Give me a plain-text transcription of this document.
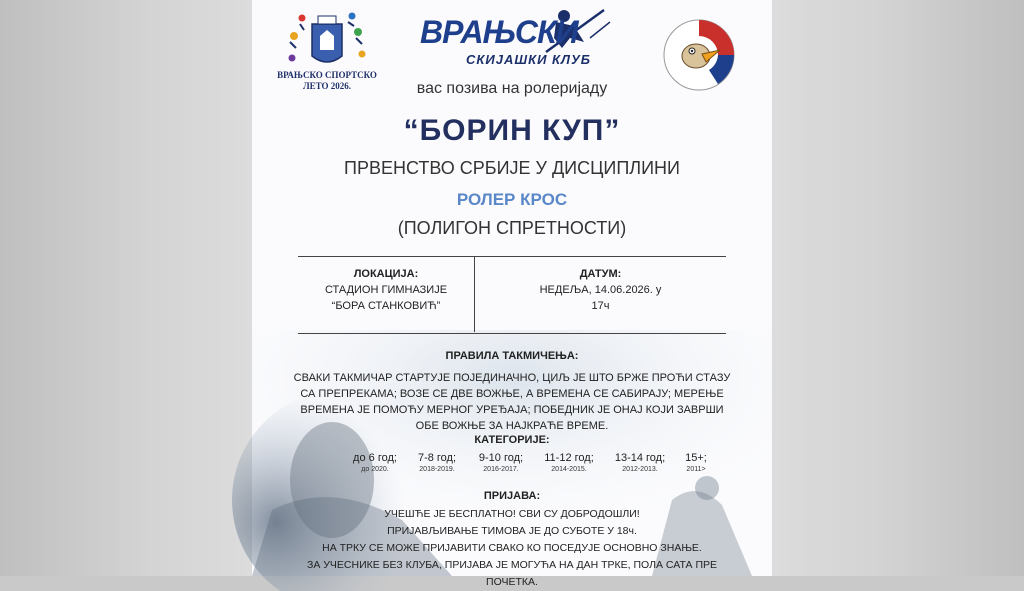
ВРАЊСКО СПОРТСКО ЛЕТО 2026.
ВРАЊСКИ
СКИЈАШКИ КЛУБ
вас позива на ролеријаду
“БОРИН КУП”
ПРВЕНСТВО СРБИЈЕ У ДИСЦИПЛИНИ
РОЛЕР КРОС
(ПОЛИГОН СПРЕТНОСТИ)
ЛОКАЦИЈА:
СТАДИОН ГИМНАЗИЈЕ
“БОРА СТАНКОВИЋ”
ДАТУМ:
НЕДЕЉА, 14.06.2026. у
17ч
ПРАВИЛА ТАКМИЧЕЊА:
СВАКИ ТАКМИЧАР СТАРТУЈЕ ПОЈЕДИНАЧНО, ЦИЉ ЈЕ ШТО БРЖЕ ПРОЋИ СТАЗУ СА ПРЕПРЕКАМА; ВОЗЕ СЕ ДВЕ ВОЖЊЕ, А ВРЕМЕНА СЕ САБИРАЈУ; МЕРЕЊЕ ВРЕМЕНА ЈЕ ПОМОЋУ МЕРНОГ УРЕЂАЈА; ПОБЕДНИК ЈЕ ОНАЈ КОЈИ ЗАВРШИ ОБЕ ВОЖЊЕ ЗА НАЈКРАЋЕ ВРЕМЕ.
КАТЕГОРИЈЕ:
до 6 год;
до 2020.
7-8 год;
2018-2019.
9-10 год;
2016-2017.
11-12 год;
2014-2015.
13-14 год;
2012-2013.
15+;
2011>
ПРИЈАВА:
УЧЕШЋЕ ЈЕ БЕСПЛАТНО! СВИ СУ ДОБРОДОШЛИ!
ПРИЈАВЉИВАЊЕ ТИМОВА ЈЕ ДО СУБОТЕ У 18ч.
НА ТРКУ СЕ МОЖЕ ПРИЈАВИТИ СВАКО КО ПОСЕДУЈЕ ОСНОВНО ЗНАЊЕ.
ЗА УЧЕСНИКЕ БЕЗ КЛУБА, ПРИЈАВА ЈЕ МОГУЋА НА ДАН ТРКЕ, ПОЛА САТА ПРЕ ПОЧЕТКА.
